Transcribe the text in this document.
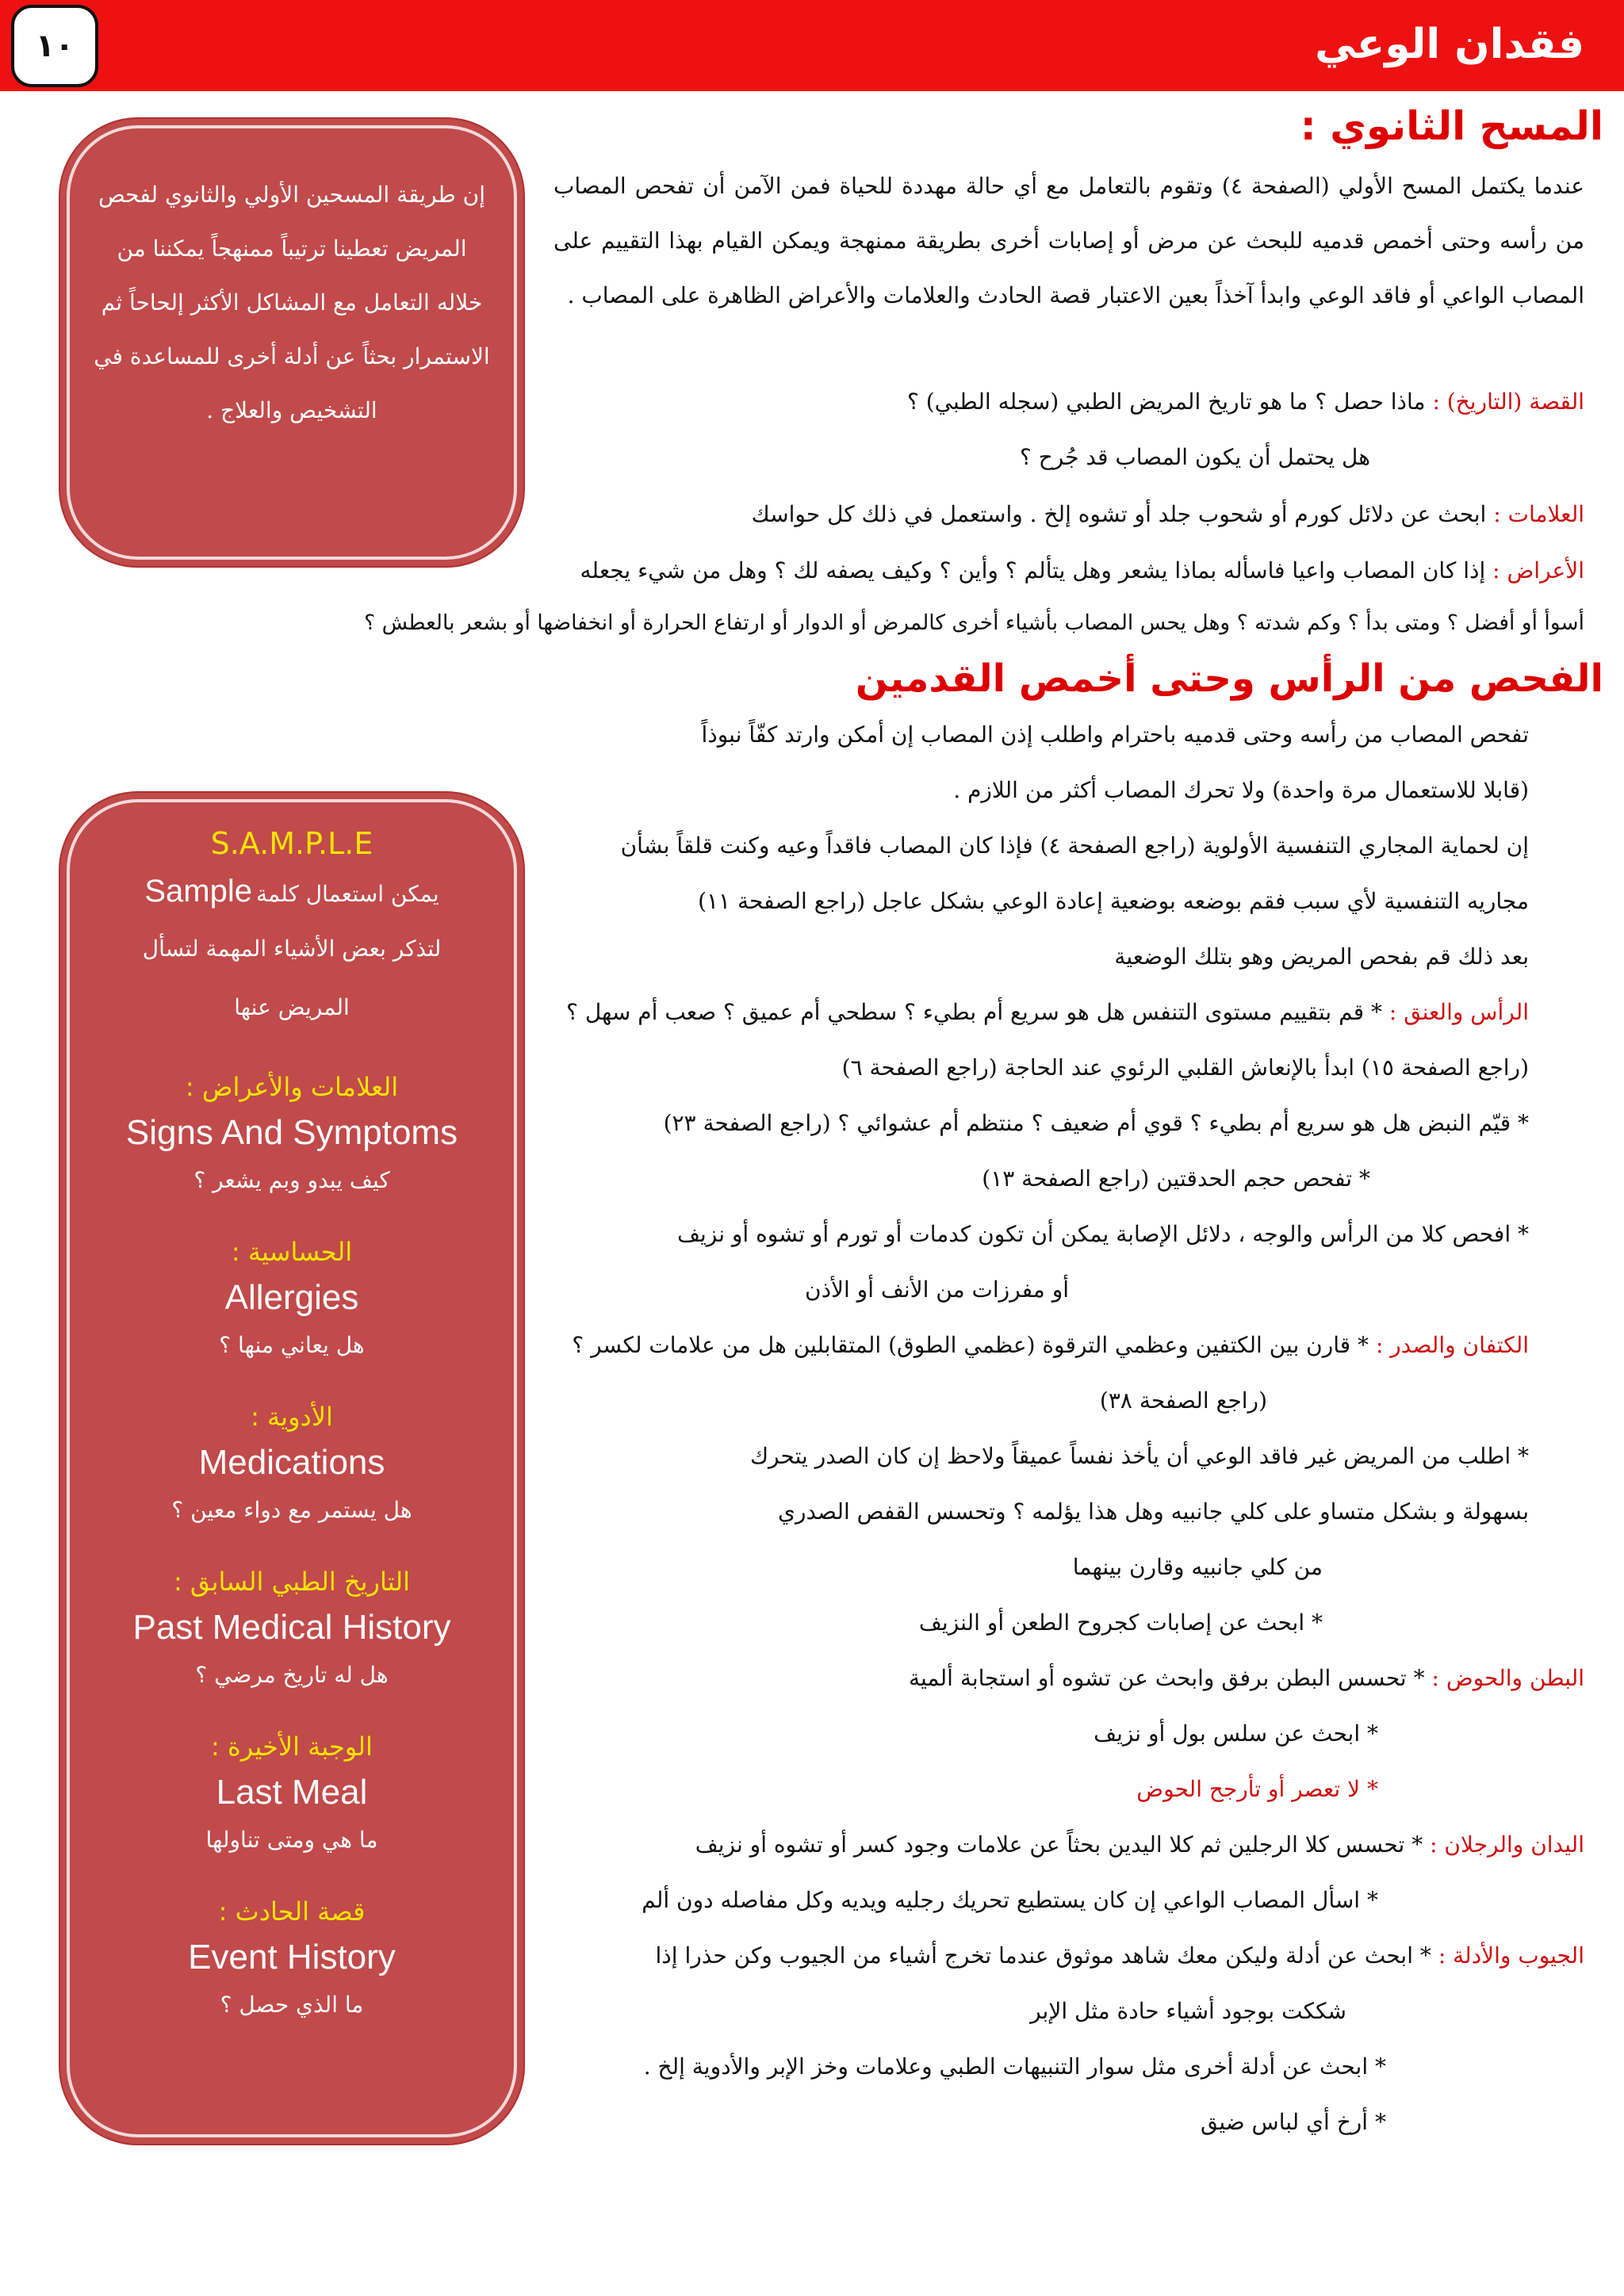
١٠	فقدان الوعي
المسح الثانوي :
عندما يكتمل المسح الأولي (الصفحة ٤) وتقوم بالتعامل مع أي حالة مهددة للحياة فمن الآمن أن تفحص المصاب من رأسه وحتى أخمص قدميه للبحث عن مرض أو إصابات أخرى بطريقة ممنهجة ويمكن القيام بهذا التقييم على المصاب الواعي أو فاقد الوعي وابدأ آخذاً بعين الاعتبار قصة الحادث والعلامات والأعراض الظاهرة على المصاب .
القصة (التاريخ) : ماذا حصل ؟ ما هو تاريخ المريض الطبي (سجله الطبي) ؟
هل يحتمل أن يكون المصاب قد جُرح ؟
العلامات : ابحث عن دلائل كورم أو شحوب جلد أو تشوه إلخ . واستعمل في ذلك كل حواسك
الأعراض : إذا كان المصاب واعيا فاسأله بماذا يشعر وهل يتألم ؟ وأين ؟ وكيف يصفه لك ؟ وهل من شيء يجعله
أسوأ أو أفضل ؟ ومتى بدأ ؟ وكم شدته ؟ وهل يحس المصاب بأشياء أخرى كالمرض أو الدوار أو ارتفاع الحرارة أو انخفاضها أو بشعر بالعطش ؟
إن طريقة المسحين الأولي والثانوي لفحص المريض تعطينا ترتيباً ممنهجاً يمكننا من خلاله التعامل مع المشاكل الأكثر إلحاحاً ثم الاستمرار بحثاً عن أدلة أخرى للمساعدة في التشخيص والعلاج .
الفحص من الرأس وحتى أخمص القدمين
تفحص المصاب من رأسه وحتى قدميه باحترام واطلب إذن المصاب إن أمكن وارتد كفّاً نبوذاً
(قابلا للاستعمال مرة واحدة) ولا تحرك المصاب أكثر من اللازم .
إن لحماية المجاري التنفسية الأولوية (راجع الصفحة ٤) فإذا كان المصاب فاقداً وعيه وكنت قلقاً بشأن
مجاريه التنفسية لأي سبب فقم بوضعه بوضعية إعادة الوعي بشكل عاجل (راجع الصفحة ١١)
بعد ذلك قم بفحص المريض وهو بتلك الوضعية
الرأس والعنق : * قم بتقييم مستوى التنفس هل هو سريع أم بطيء ؟ سطحي أم عميق ؟ صعب أم سهل ؟
(راجع الصفحة ١٥) ابدأ بالإنعاش القلبي الرئوي عند الحاجة (راجع الصفحة ٦)
* قيّم النبض هل هو سريع أم بطيء ؟ قوي أم ضعيف ؟ منتظم أم عشوائي ؟ (راجع الصفحة ٢٣)
* تفحص حجم الحدقتين (راجع الصفحة ١٣)
* افحص كلا من الرأس والوجه ، دلائل الإصابة يمكن أن تكون كدمات أو تورم أو تشوه أو نزيف
أو مفرزات من الأنف أو الأذن
الكتفان والصدر : * قارن بين الكتفين وعظمي الترقوة (عظمي الطوق) المتقابلين هل من علامات لكسر ؟
(راجع الصفحة ٣٨)
* اطلب من المريض غير فاقد الوعي أن يأخذ نفساً عميقاً ولاحظ إن كان الصدر يتحرك
بسهولة و بشكل متساو على كلي جانبيه وهل هذا يؤلمه ؟ وتحسس القفص الصدري
من كلي جانبيه وقارن بينهما
* ابحث عن إصابات كجروح الطعن أو النزيف
البطن والحوض : * تحسس البطن برفق وابحث عن تشوه أو استجابة ألمية
* ابحث عن سلس بول أو نزيف
* لا تعصر أو تأرجح الحوض
اليدان والرجلان : * تحسس كلا الرجلين ثم كلا اليدين بحثاً عن علامات وجود كسر أو تشوه أو نزيف
* اسأل المصاب الواعي إن كان يستطيع تحريك رجليه ويديه وكل مفاصله دون ألم
الجيوب والأدلة : * ابحث عن أدلة وليكن معك شاهد موثوق عندما تخرج أشياء من الجيوب وكن حذرا إذا
شككت بوجود أشياء حادة مثل الإبر
* ابحث عن أدلة أخرى مثل سوار التنبيهات الطبي وعلامات وخز الإبر والأدوية إلخ .
* أرخ أي لباس ضيق
S.A.M.P.L.E
يمكن استعمال كلمة Sample
لتذكر بعض الأشياء المهمة لتسأل
المريض عنها
العلامات والأعراض :
Signs And Symptoms
كيف يبدو وبم يشعر ؟
الحساسية :
Allergies
هل يعاني منها ؟
الأدوية :
Medications
هل يستمر مع دواء معين ؟
التاريخ الطبي السابق :
Past Medical History
هل له تاريخ مرضي ؟
الوجبة الأخيرة :
Last Meal
ما هي ومتى تناولها
قصة الحادث :
Event History
ما الذي حصل ؟
